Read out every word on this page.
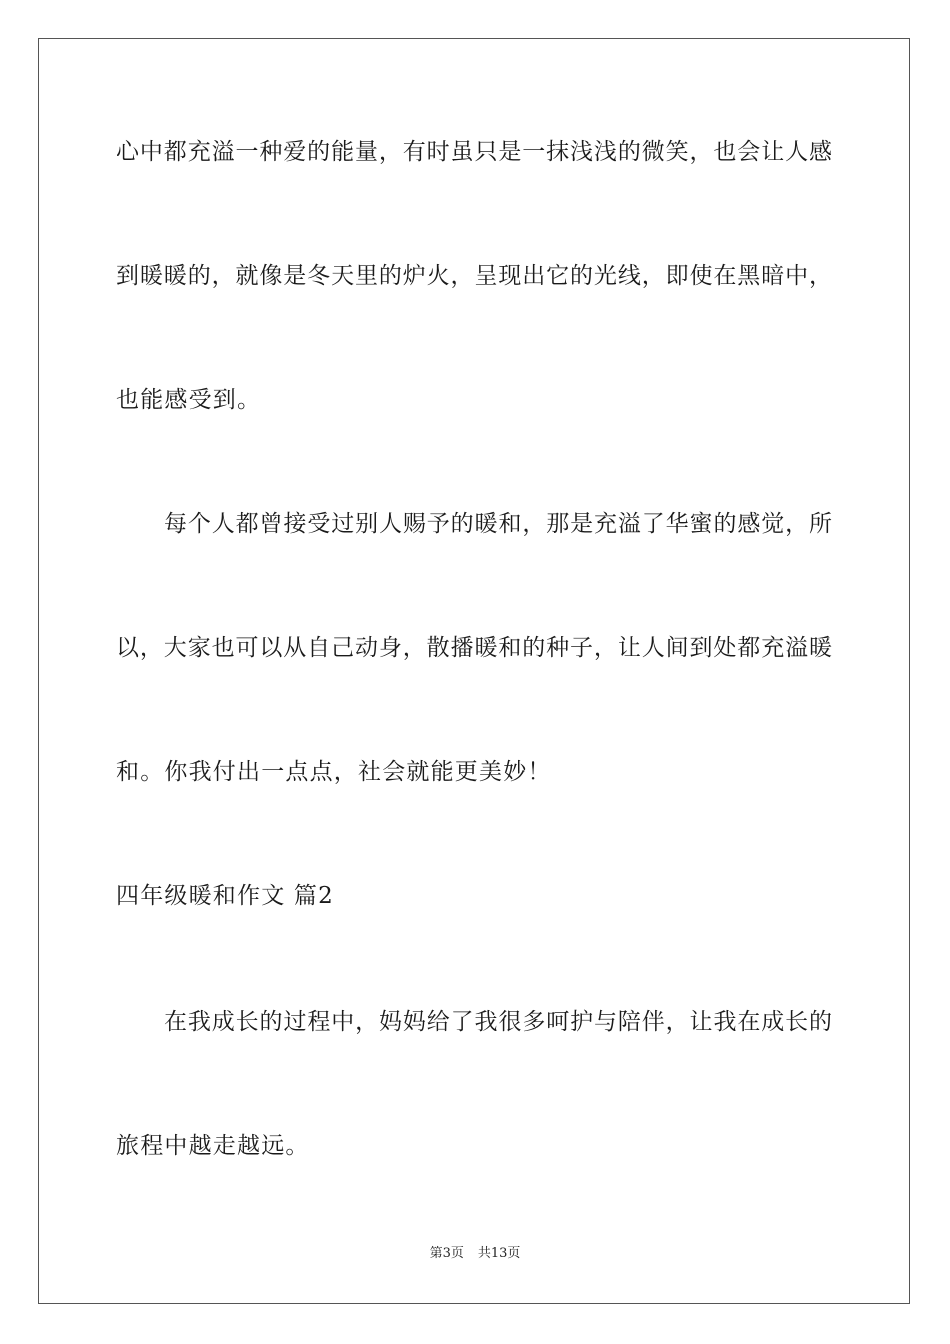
心中都充溢一种爱的能量，有时虽只是一抹浅浅的微笑，也会让人感
到暖暖的，就像是冬天里的炉火，呈现出它的光线，即使在黑暗中，
也能感受到。
每个人都曾接受过别人赐予的暖和，那是充溢了华蜜的感觉，所
以，大家也可以从自己动身，散播暖和的种子，让人间到处都充溢暖
和。你我付出一点点，社会就能更美妙！
四年级暖和作文 篇2
在我成长的过程中，妈妈给了我很多呵护与陪伴，让我在成长的
旅程中越走越远。
第3页 共13页
